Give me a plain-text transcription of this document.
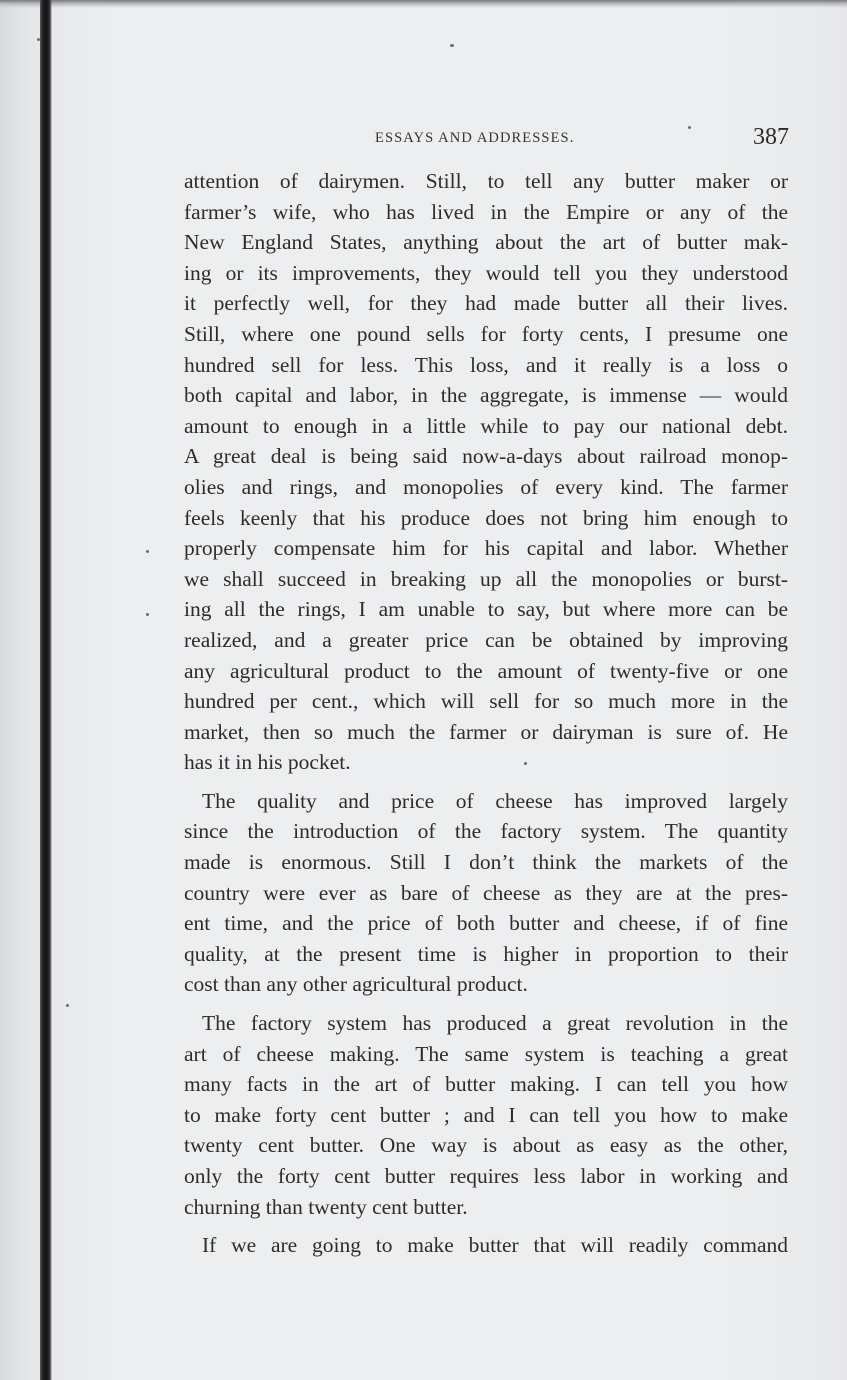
ESSAYS AND ADDRESSES.	387
attention of dairymen. Still, to tell any butter maker or
farmer’s wife, who has lived in the Empire or any of the
New England States, anything about the art of butter mak-
ing or its improvements, they would tell you they understood
it perfectly well, for they had made butter all their lives.
Still, where one pound sells for forty cents, I presume one
hundred sell for less. This loss, and it really is a loss o
both capital and labor, in the aggregate, is immense — would
amount to enough in a little while to pay our national debt.
A great deal is being said now-a-days about railroad monop-
olies and rings, and monopolies of every kind. The farmer
feels keenly that his produce does not bring him enough to
properly compensate him for his capital and labor. Whether
we shall succeed in breaking up all the monopolies or burst-
ing all the rings, I am unable to say, but where more can be
realized, and a greater price can be obtained by improving
any agricultural product to the amount of twenty-five or one
hundred per cent., which will sell for so much more in the
market, then so much the farmer or dairyman is sure of. He
has it in his pocket.
The quality and price of cheese has improved largely
since the introduction of the factory system. The quantity
made is enormous. Still I don’t think the markets of the
country were ever as bare of cheese as they are at the pres-
ent time, and the price of both butter and cheese, if of fine
quality, at the present time is higher in proportion to their
cost than any other agricultural product.
The factory system has produced a great revolution in the
art of cheese making. The same system is teaching a great
many facts in the art of butter making. I can tell you how
to make forty cent butter ; and I can tell you how to make
twenty cent butter. One way is about as easy as the other,
only the forty cent butter requires less labor in working and
churning than twenty cent butter.
If we are going to make butter that will readily command
